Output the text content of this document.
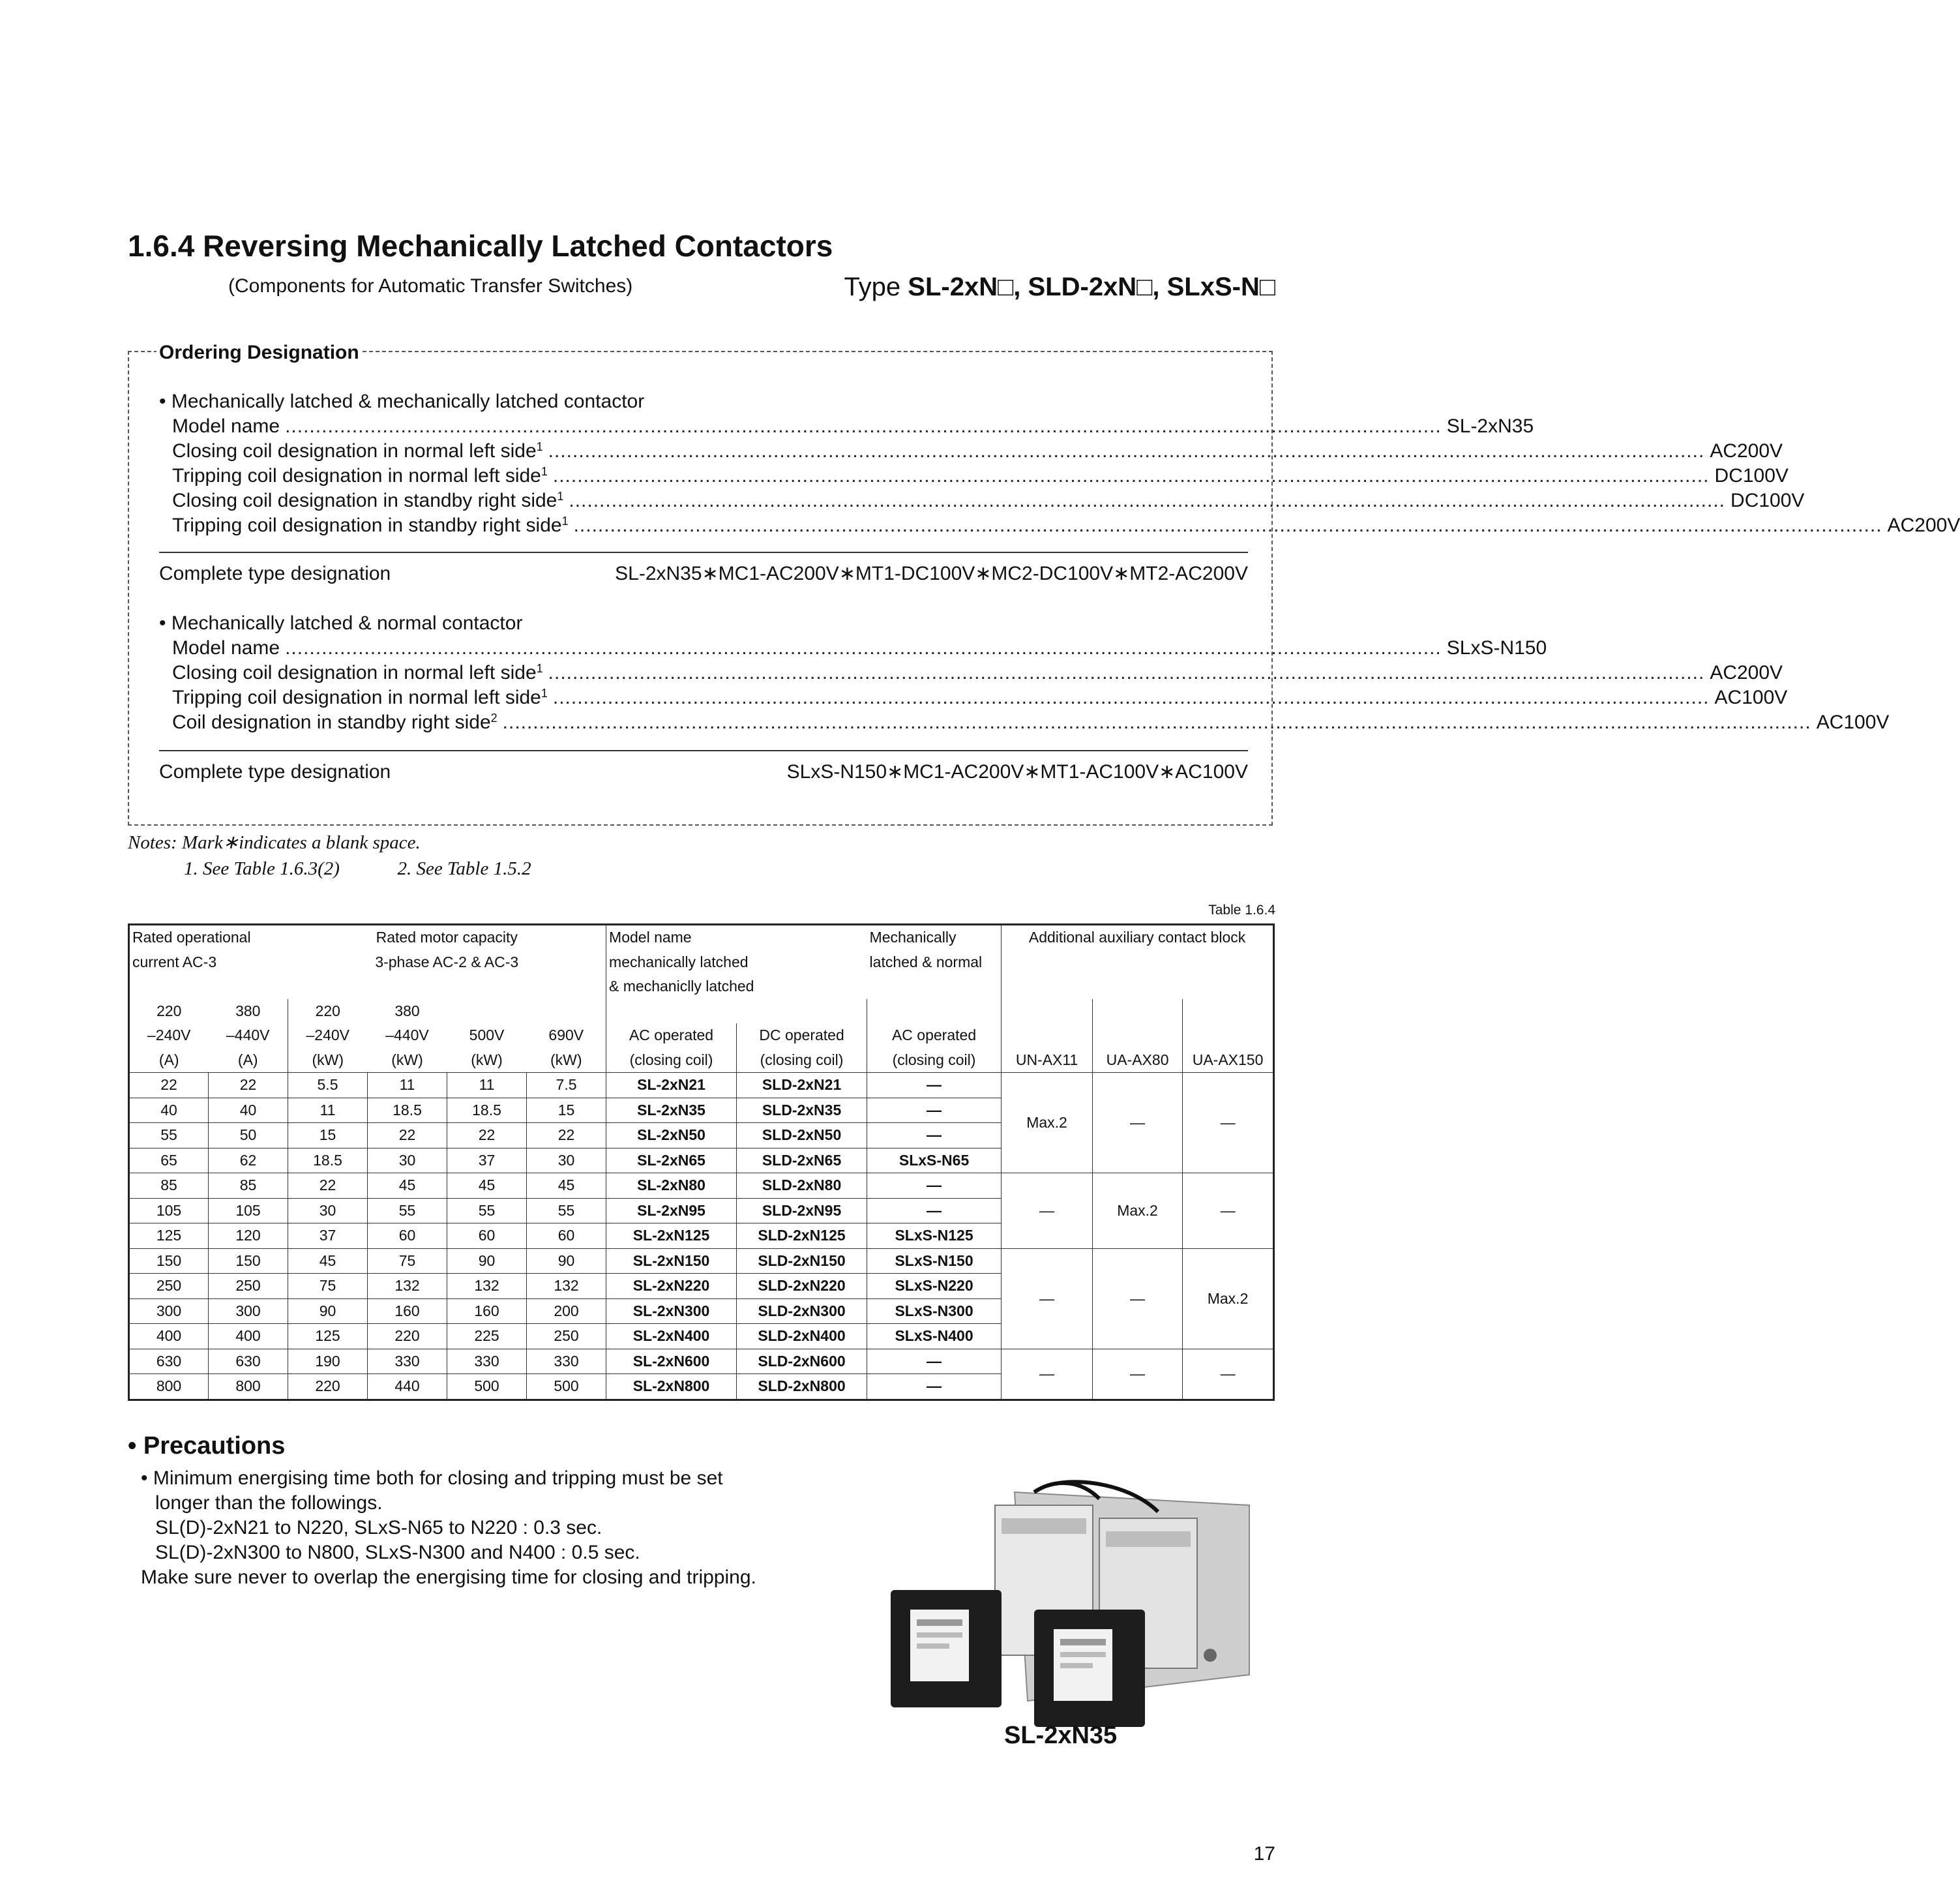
1.6.4 Reversing Mechanically Latched Contactors
(Components for Automatic Transfer Switches)	Type SL-2xN□, SLD-2xN□, SLxS-N□
Ordering Designation
• Mechanically latched & mechanically latched contactor
Model name .............................................................................................................................................................................................. SL-2xN35
Closing coil designation in normal left side$^1$ .............................................................................................................................................................................................. AC200V
Tripping coil designation in normal left side$^1$ .............................................................................................................................................................................................. DC100V
Closing coil designation in standby right side$^1$ .............................................................................................................................................................................................. DC100V
Tripping coil designation in standby right side$^1$ ....................................................................................................................................................................................................................... AC200V
Complete type designation	SL-2xN35∗MC1-AC200V∗MT1-DC100V∗MC2-DC100V∗MT2-AC200V
• Mechanically latched & normal contactor
Model name .............................................................................................................................................................................................. SLxS-N150
Closing coil designation in normal left side$^1$ .............................................................................................................................................................................................. AC200V
Tripping coil designation in normal left side$^1$ .............................................................................................................................................................................................. AC100V
Coil designation in standby right side$^2$ ....................................................................................................................................................................................................................... AC100V
Complete type designation	SLxS-N150∗MC1-AC200V∗MT1-AC100V∗AC100V
Notes: Mark∗indicates a blank space.
1. See Table 1.6.3(2)	2. See Table 1.5.2
Table 1.6.4
Rated operational		Rated motor capacity				Model name		Mechanically	Additional auxiliary contact block		
current AC-3		3-phase AC-2 & AC-3				mechanically latched		latched & normal			
						& mechaniclly latched					
220	380	220	380								
–240V	–440V	–240V	–440V	500V	690V	AC operated	DC operated	AC operated			
(A)	(A)	(kW)	(kW)	(kW)	(kW)	(closing coil)	(closing coil)	(closing coil)	UN-AX11	UA-AX80	UA-AX150
22	22	5.5	11	11	7.5	SL-2xN21	SLD-2xN21	—	Max.2	—	—
40	40	11	18.5	18.5	15	SL-2xN35	SLD-2xN35	—			
55	50	15	22	22	22	SL-2xN50	SLD-2xN50	—			
65	62	18.5	30	37	30	SL-2xN65	SLD-2xN65	SLxS-N65			
85	85	22	45	45	45	SL-2xN80	SLD-2xN80	—	—	Max.2	—
105	105	30	55	55	55	SL-2xN95	SLD-2xN95	—			
125	120	37	60	60	60	SL-2xN125	SLD-2xN125	SLxS-N125			
150	150	45	75	90	90	SL-2xN150	SLD-2xN150	SLxS-N150	—	—	Max.2
250	250	75	132	132	132	SL-2xN220	SLD-2xN220	SLxS-N220			
300	300	90	160	160	200	SL-2xN300	SLD-2xN300	SLxS-N300			
400	400	125	220	225	250	SL-2xN400	SLD-2xN400	SLxS-N400			
630	630	190	330	330	330	SL-2xN600	SLD-2xN600	—	—	—	—
800	800	220	440	500	500	SL-2xN800	SLD-2xN800	—			
• Precautions
• Minimum energising time both for closing and tripping must be set
longer than the followings.
SL(D)-2xN21 to N220, SLxS-N65 to N220 : 0.3 sec.
SL(D)-2xN300 to N800, SLxS-N300 and N400 : 0.5 sec.
Make sure never to overlap the energising time for closing and tripping.
SL-2xN35
17
